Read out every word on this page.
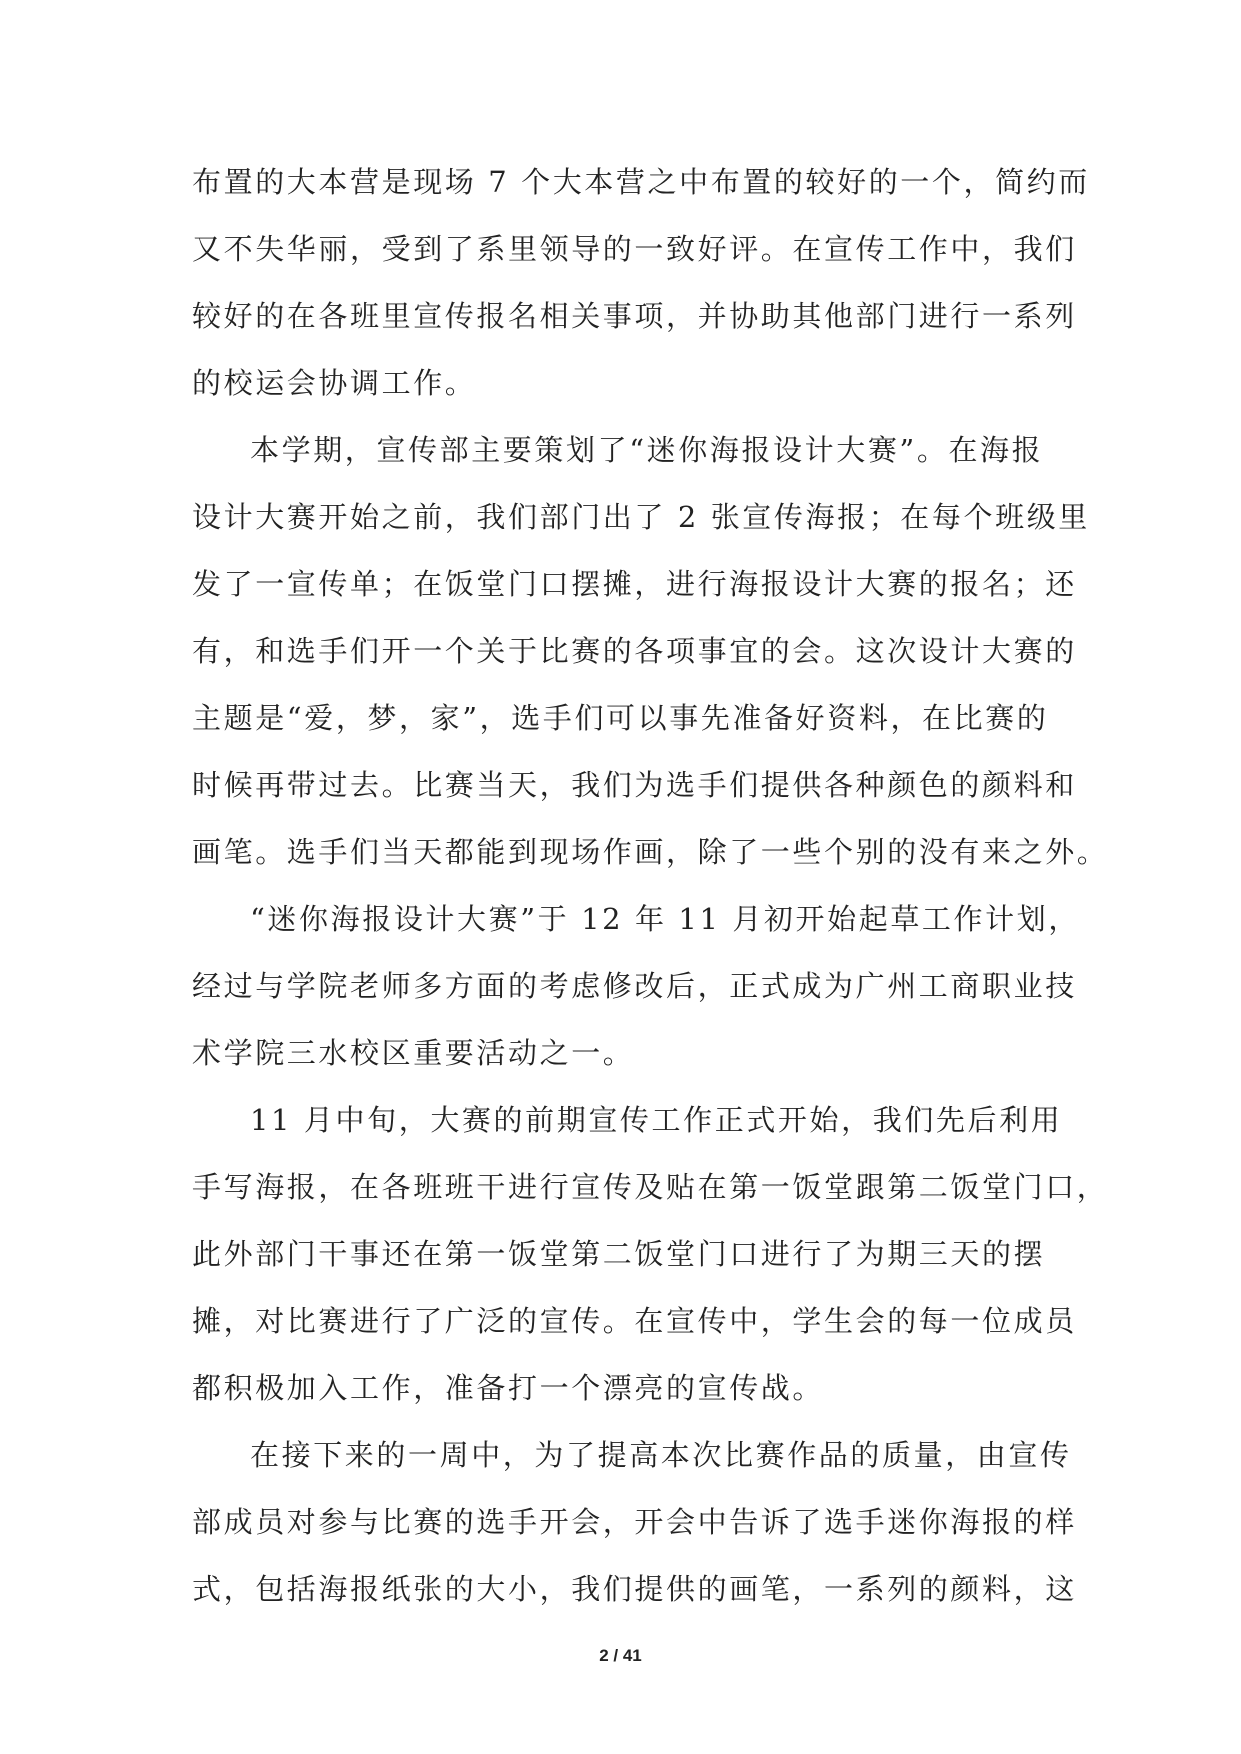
布置的大本营是现场 7 个大本营之中布置的较好的一个，简约而
又不失华丽，受到了系里领导的一致好评。在宣传工作中，我们
较好的在各班里宣传报名相关事项，并协助其他部门进行一系列
的校运会协调工作。
本学期，宣传部主要策划了“迷你海报设计大赛”。在海报
设计大赛开始之前，我们部门出了 2 张宣传海报；在每个班级里
发了一宣传单；在饭堂门口摆摊，进行海报设计大赛的报名；还
有，和选手们开一个关于比赛的各项事宜的会。这次设计大赛的
主题是“爱，梦，家”，选手们可以事先准备好资料，在比赛的
时候再带过去。比赛当天，我们为选手们提供各种颜色的颜料和
画笔。选手们当天都能到现场作画，除了一些个别的没有来之外。
“迷你海报设计大赛”于 12 年 11 月初开始起草工作计划，
经过与学院老师多方面的考虑修改后，正式成为广州工商职业技
术学院三水校区重要活动之一。
11 月中旬，大赛的前期宣传工作正式开始，我们先后利用
手写海报，在各班班干进行宣传及贴在第一饭堂跟第二饭堂门口，
此外部门干事还在第一饭堂第二饭堂门口进行了为期三天的摆
摊，对比赛进行了广泛的宣传。在宣传中，学生会的每一位成员
都积极加入工作，准备打一个漂亮的宣传战。
在接下来的一周中，为了提高本次比赛作品的质量，由宣传
部成员对参与比赛的选手开会，开会中告诉了选手迷你海报的样
式，包括海报纸张的大小，我们提供的画笔，一系列的颜料，这
2 / 41
